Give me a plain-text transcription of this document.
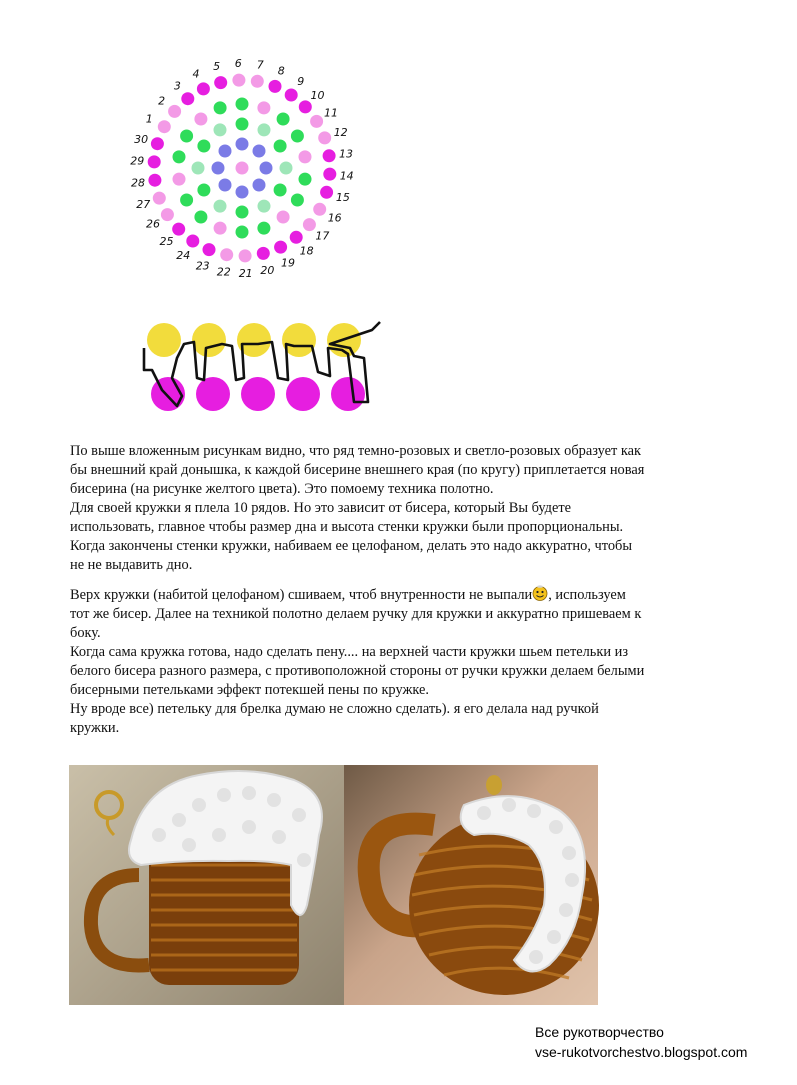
5 6 7 8
9
10
11
12
13
14
15
16
17
18
19
20
21
22
23
24
25
26
27
28
29
30
1
2
3
4

По выше вложенным рисункам видно, что ряд темно-розовых и светло-розовых образует как

бы внешний край донышка, к каждой бисерине внешнего края (по кругу) приплетается новая

бисерина (на рисунке желтого цвета). Это помоему техника полотно.

Для своей кружки я плела 10 рядов. Но это зависит от бисера, который Вы будете

использовать, главное чтобы размер дна и высота стенки кружки были пропорциональны.

Когда закончены стенки кружки, набиваем ее целофаном, делать это надо аккуратно, чтобы

не не выдавить дно.

Верх кружки (набитой целофаном) сшиваем, чтоб внутренности не выпали , используем

тот же бисер. Далее на техникой полотно делаем ручку для кружки и аккуратно пришеваем к

боку.

Когда сама кружка готова, надо сделать пену.... на верхней части кружки шьем петельки из

белого бисера разного размера, с противоположной стороны от ручки кружки делаем белыми

бисерными петельками эффект потекшей пены по кружке.

Ну вроде все) петельку для брелка думаю не сложно сделать). я его делала над ручкой

кружки.

Все рукотворчество
vse-rukotvorchestvo.blogspot.com
